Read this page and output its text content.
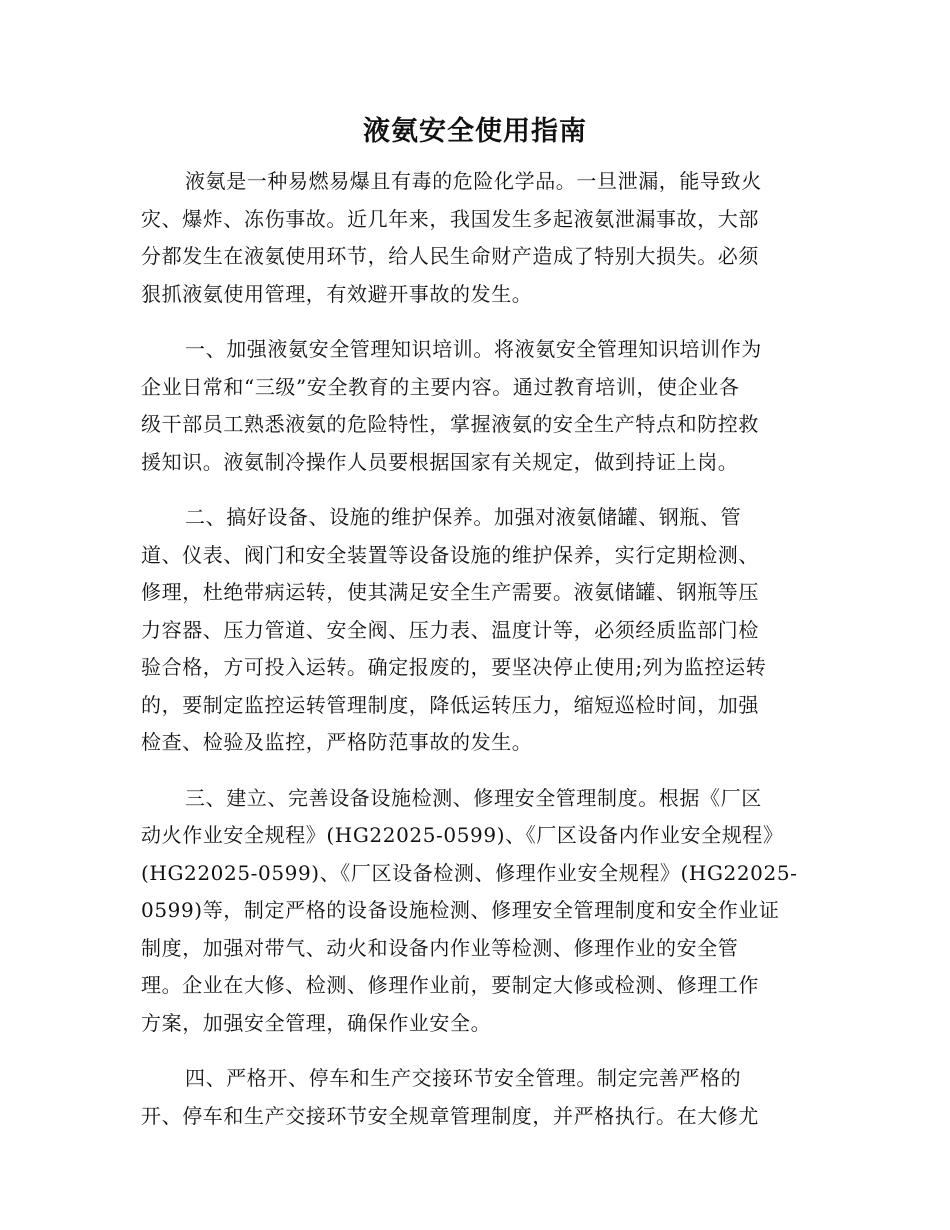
液氨安全使用指南

液氨是一种易燃易爆且有毒的危险化学品。一旦泄漏，能导致火
灾、爆炸、冻伤事故。近几年来，我国发生多起液氨泄漏事故，大部
分都发生在液氨使用环节，给人民生命财产造成了特别大损失。必须
狠抓液氨使用管理，有效避开事故的发生。

一、加强液氨安全管理知识培训。将液氨安全管理知识培训作为
企业日常和“三级”安全教育的主要内容。通过教育培训，使企业各
级干部员工熟悉液氨的危险特性，掌握液氨的安全生产特点和防控救
援知识。液氨制冷操作人员要根据国家有关规定，做到持证上岗。

二、搞好设备、设施的维护保养。加强对液氨储罐、钢瓶、管
道、仪表、阀门和安全装置等设备设施的维护保养，实行定期检测、
修理，杜绝带病运转，使其满足安全生产需要。液氨储罐、钢瓶等压
力容器、压力管道、安全阀、压力表、温度计等，必须经质监部门检
验合格，方可投入运转。确定报废的，要坚决停止使用;列为监控运转
的，要制定监控运转管理制度，降低运转压力，缩短巡检时间，加强
检查、检验及监控，严格防范事故的发生。

三、建立、完善设备设施检测、修理安全管理制度。根据《厂区
动火作业安全规程》(HG22025-0599)、《厂区设备内作业安全规程》
(HG22025-0599)、《厂区设备检测、修理作业安全规程》(HG22025-
0599)等，制定严格的设备设施检测、修理安全管理制度和安全作业证
制度，加强对带气、动火和设备内作业等检测、修理作业的安全管
理。企业在大修、检测、修理作业前，要制定大修或检测、修理工作
方案，加强安全管理，确保作业安全。

四、严格开、停车和生产交接环节安全管理。制定完善严格的
开、停车和生产交接环节安全规章管理制度，并严格执行。在大修尤
